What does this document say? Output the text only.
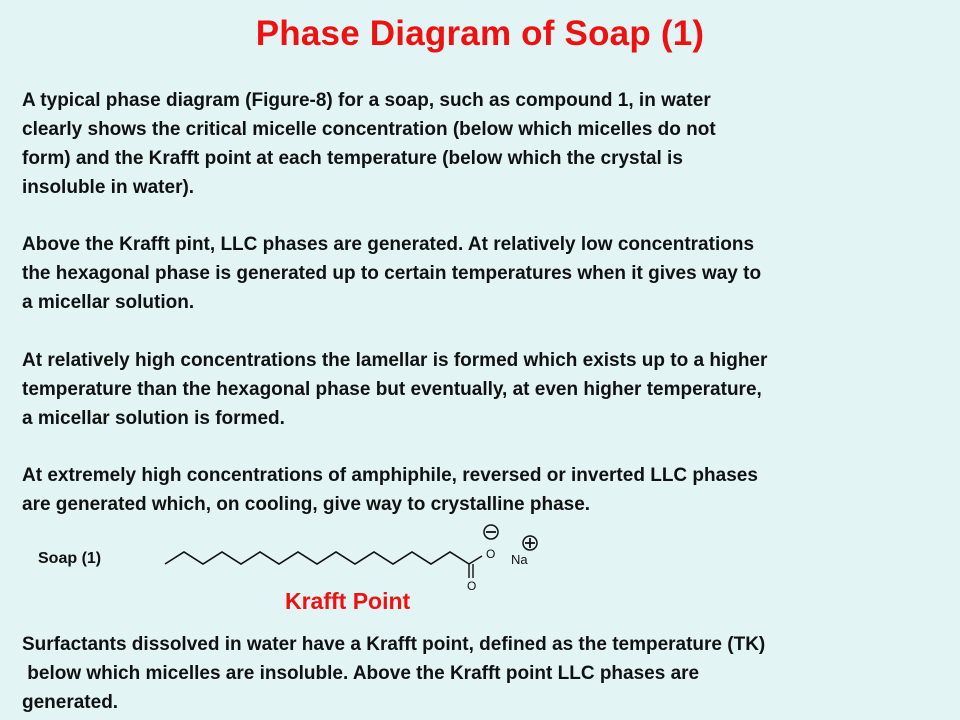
Phase Diagram of Soap (1)
A typical phase diagram (Figure-8) for a soap, such as compound 1, in water
clearly shows the critical micelle concentration (below which micelles do not
form) and the Krafft point at each temperature (below which the crystal is
insoluble in water).
Above the Krafft pint, LLC phases are generated. At relatively low concentrations
the hexagonal phase is generated up to certain temperatures when it gives way to
a micellar solution.
At relatively high concentrations the lamellar is formed which exists up to a higher
temperature than the hexagonal phase but eventually, at even higher temperature,
a micellar solution is formed.
At extremely high concentrations of amphiphile, reversed or inverted LLC phases
are generated which, on cooling, give way to crystalline phase.
Soap (1)	O
O
Na
Krafft Point
Surfactants dissolved in water have a Krafft point, defined as the temperature (TK)
below which micelles are insoluble. Above the Krafft point LLC phases are
generated.
